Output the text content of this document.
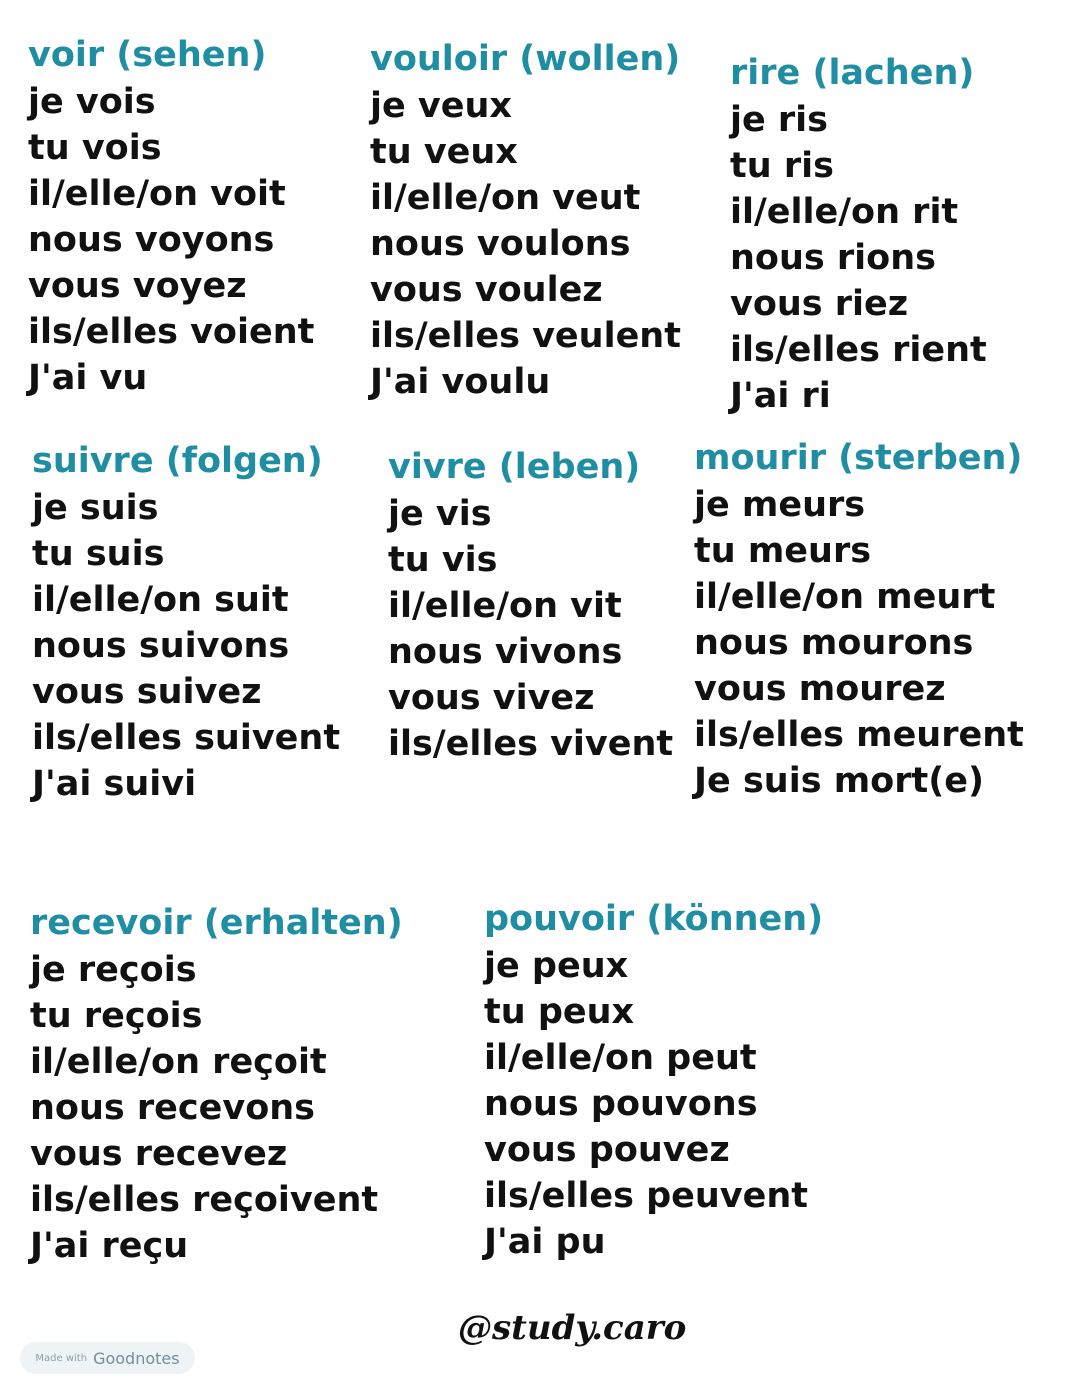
voir (sehen)
je vois
tu vois
il/elle/on voit
nous voyons
vous voyez
ils/elles voient
J'ai vu
vouloir (wollen)
je veux
tu veux
il/elle/on veut
nous voulons
vous voulez
ils/elles veulent
J'ai voulu
rire (lachen)
je ris
tu ris
il/elle/on rit
nous rions
vous riez
ils/elles rient
J'ai ri
suivre (folgen)
je suis
tu suis
il/elle/on suit
nous suivons
vous suivez
ils/elles suivent
J'ai suivi
vivre (leben)
je vis
tu vis
il/elle/on vit
nous vivons
vous vivez
ils/elles vivent
mourir (sterben)
je meurs
tu meurs
il/elle/on meurt
nous mourons
vous mourez
ils/elles meurent
Je suis mort(e)
recevoir (erhalten)
je reçois
tu reçois
il/elle/on reçoit
nous recevons
vous recevez
ils/elles reçoivent
J'ai reçu
pouvoir (können)
je peux
tu peux
il/elle/on peut
nous pouvons
vous pouvez
ils/elles peuvent
J'ai pu
@study.caro
Made with Goodnotes
